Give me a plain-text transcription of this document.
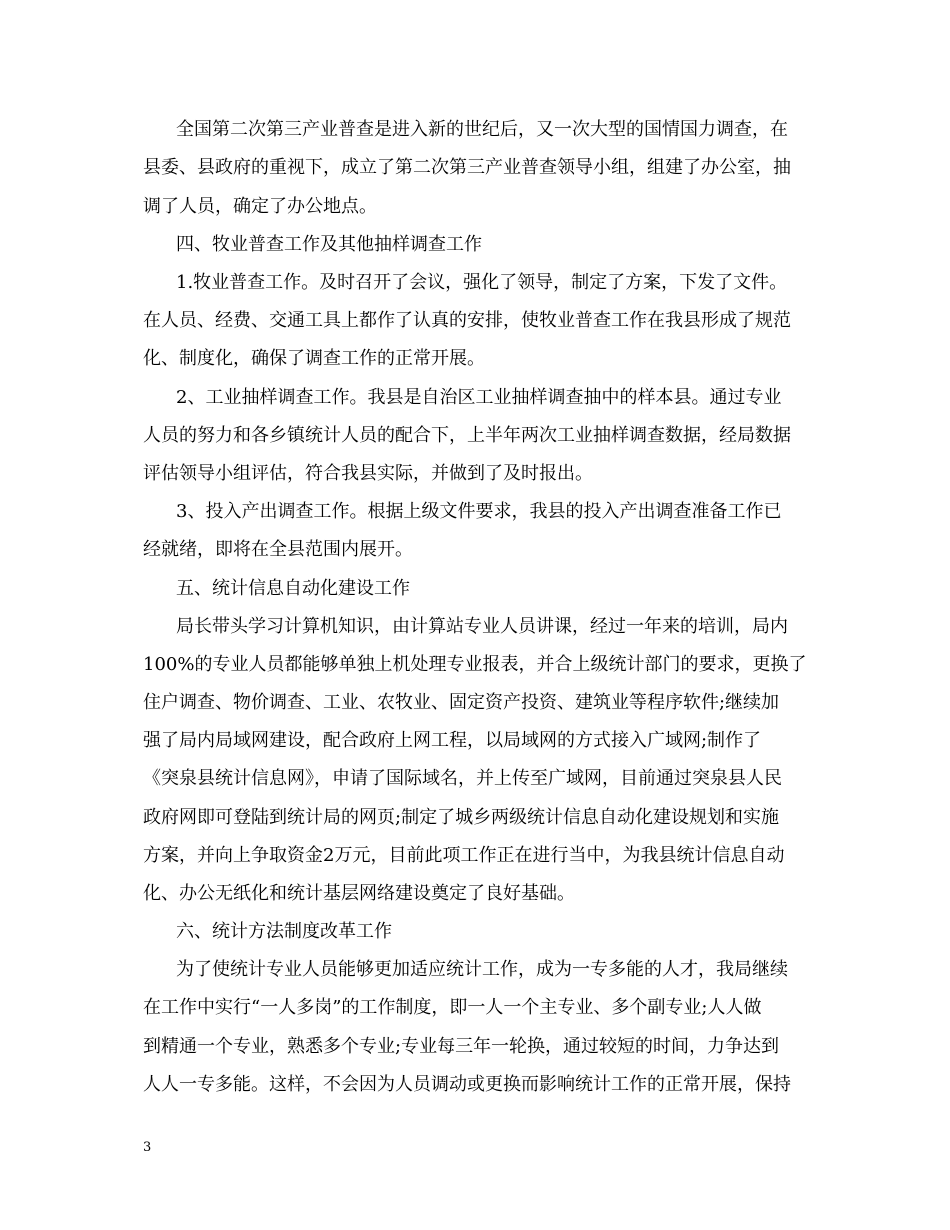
全国第二次第三产业普查是进入新的世纪后，又一次大型的国情国力调查，在

县委、县政府的重视下，成立了第二次第三产业普查领导小组，组建了办公室，抽

调了人员，确定了办公地点。

四、牧业普查工作及其他抽样调查工作

1.牧业普查工作。及时召开了会议，强化了领导，制定了方案，下发了文件。

在人员、经费、交通工具上都作了认真的安排，使牧业普查工作在我县形成了规范

化、制度化，确保了调查工作的正常开展。

2、工业抽样调查工作。我县是自治区工业抽样调查抽中的样本县。通过专业

人员的努力和各乡镇统计人员的配合下，上半年两次工业抽样调查数据，经局数据

评估领导小组评估，符合我县实际，并做到了及时报出。

3、投入产出调查工作。根据上级文件要求，我县的投入产出调查准备工作已

经就绪，即将在全县范围内展开。

五、统计信息自动化建设工作

局长带头学习计算机知识，由计算站专业人员讲课，经过一年来的培训，局内

100%的专业人员都能够单独上机处理专业报表，并合上级统计部门的要求，更换了

住户调查、物价调查、工业、农牧业、固定资产投资、建筑业等程序软件;继续加

强了局内局域网建设，配合政府上网工程，以局域网的方式接入广域网;制作了

《突泉县统计信息网》，申请了国际域名，并上传至广域网，目前通过突泉县人民

政府网即可登陆到统计局的网页;制定了城乡两级统计信息自动化建设规划和实施

方案，并向上争取资金2万元，目前此项工作正在进行当中，为我县统计信息自动

化、办公无纸化和统计基层网络建设奠定了良好基础。

六、统计方法制度改革工作

为了使统计专业人员能够更加适应统计工作，成为一专多能的人才，我局继续

在工作中实行“一人多岗”的工作制度，即一人一个主专业、多个副专业;人人做

到精通一个专业，熟悉多个专业;专业每三年一轮换，通过较短的时间，力争达到

人人一专多能。这样，不会因为人员调动或更换而影响统计工作的正常开展，保持

3
